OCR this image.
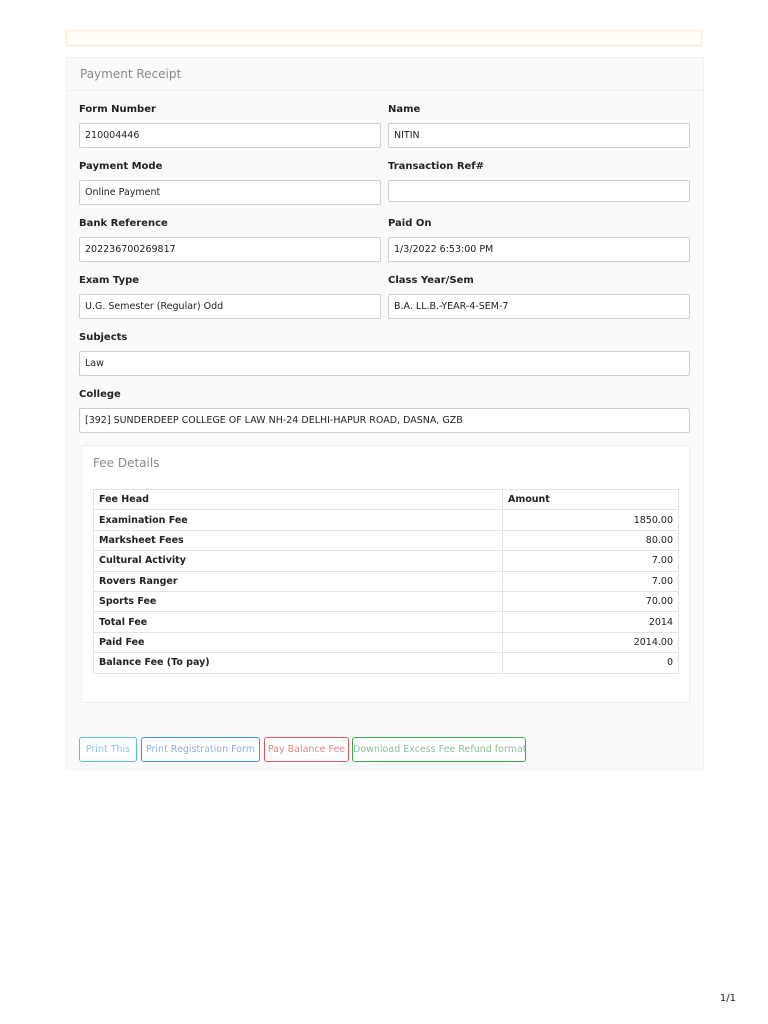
Payment Receipt
Form Number
210004446
Name
NITIN
Payment Mode
Online Payment
Transaction Ref#
Bank Reference
202236700269817
Paid On
1/3/2022 6:53:00 PM
Exam Type
U.G. Semester (Regular) Odd
Class Year/Sem
B.A. LL.B.-YEAR-4-SEM-7
Subjects
Law
College
[392] SUNDERDEEP COLLEGE OF LAW NH-24 DELHI-HAPUR ROAD, DASNA, GZB
Fee Details
Fee Head	Amount
Examination Fee	1850.00
Marksheet Fees	80.00
Cultural Activity	7.00
Rovers Ranger	7.00
Sports Fee	70.00
Total Fee	2014
Paid Fee	2014.00
Balance Fee (To pay)	0
Print This	Print Registration Form	Pay Balance Fee Download Excess Fee Refund format
1/1
